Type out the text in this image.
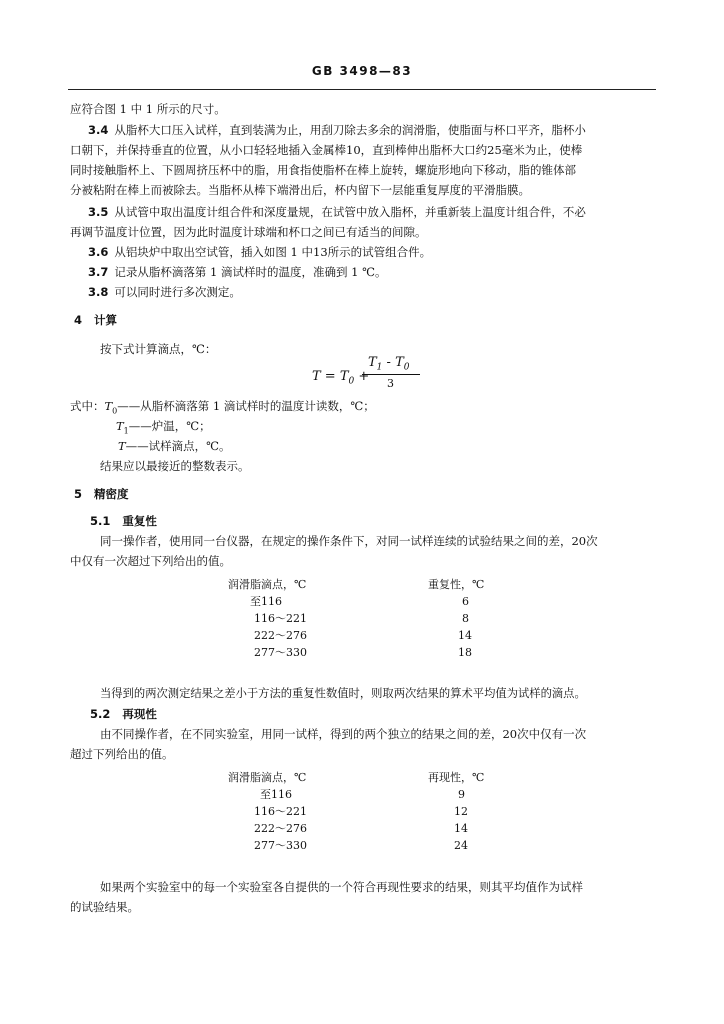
GB 3498—83
应符合图 1 中 1 所示的尺寸。
3.4 从脂杯大口压入试样，直到装满为止，用刮刀除去多余的润滑脂，使脂面与杯口平齐，脂杯小
口朝下，并保持垂直的位置，从小口轻轻地插入金属棒10，直到棒伸出脂杯大口约25毫米为止，使棒
同时接触脂杯上、下圆周挤压杯中的脂，用食指使脂杯在棒上旋转，螺旋形地向下移动，脂的锥体部
分被粘附在棒上而被除去。当脂杯从棒下端滑出后，杯内留下一层能重复厚度的平滑脂膜。
3.5 从试管中取出温度计组合件和深度量规，在试管中放入脂杯，并重新装上温度计组合件，不必
再调节温度计位置，因为此时温度计球端和杯口之间已有适当的间隙。
3.6 从铝块炉中取出空试管，插入如图 1 中13所示的试管组合件。
3.7 记录从脂杯滴落第 1 滴试样时的温度，准确到 1 ℃。
3.8 可以同时进行多次测定。
4 计算
按下式计算滴点，℃：
$T = T_0$ +
$T_1 - T_0$
3
式中：$T_0——$从脂杯滴落第 1 滴试样时的温度计读数，℃；
$T_1——$炉温，℃；
T——试样滴点，℃。
结果应以最接近的整数表示。
5 精密度
5.1 重复性
同一操作者，使用同一台仪器，在规定的操作条件下，对同一试样连续的试验结果之间的差，20次
中仅有一次超过下列给出的值。
润滑脂滴点，℃	重复性，℃
至116	6
116～221	8
222～276	14
277～330	18
当得到的两次测定结果之差小于方法的重复性数值时，则取两次结果的算术平均值为试样的滴点。
5.2 再现性
由不同操作者，在不同实验室，用同一试样，得到的两个独立的结果之间的差，20次中仅有一次
超过下列给出的值。
润滑脂滴点，℃	再现性，℃
至116	9
116～221	12
222～276	14
277～330	24
如果两个实验室中的每一个实验室各自提供的一个符合再现性要求的结果，则其平均值作为试样
的试验结果。
